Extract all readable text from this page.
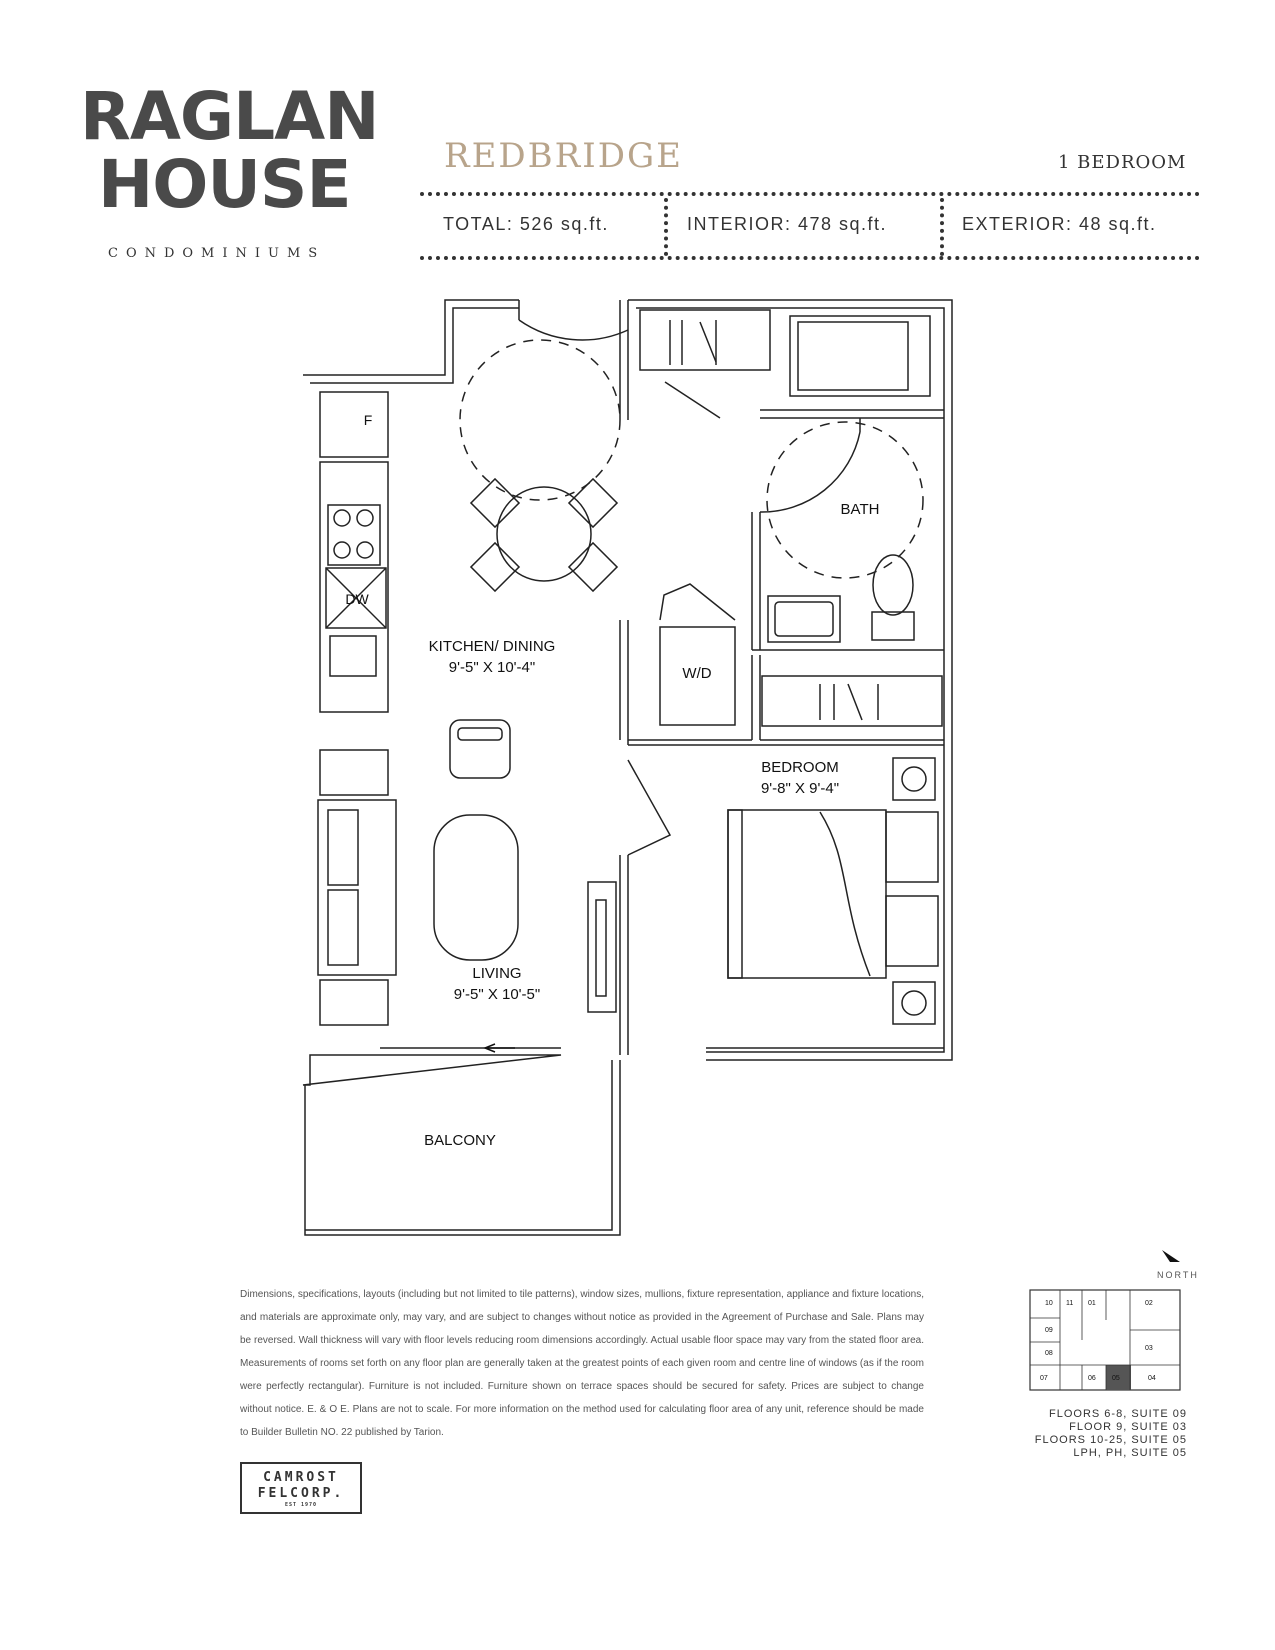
RAGLAN
HOUSE
CONDOMINIUMS
REDBRIDGE	1 BEDROOM
TOTAL: 526 sq.ft.	INTERIOR: 478 sq.ft.	EXTERIOR: 48 sq.ft.
F
DW
KITCHEN/ DINING
9'-5" X 10'-4"
LIVING
9'-5" X 10'-5"
BEDROOM
9'-8" X 9'-4"
BATH
W/D
BALCONY
10 11 01	02
09
03
08
07	06 05	04
NORTH
Dimensions, specifications, layouts (including but not limited to tile patterns), window sizes, mullions, fixture representation, appliance and fixture locations, and materials are approximate only, may vary, and are subject to changes without notice as provided in the Agreement of Purchase and Sale. Plans may be reversed. Wall thickness will vary with floor levels reducing room dimensions accordingly. Actual usable floor space may vary from the stated floor area. Measurements of rooms set forth on any floor plan are generally taken at the greatest points of each given room and centre line of windows (as if the room were perfectly rectangular). Furniture is not included. Furniture shown on terrace spaces should be secured for safety. Prices are subject to change without notice. E. & O E. Plans are not to scale. For more information on the method used for calculating floor area of any unit, reference should be made to Builder Bulletin NO. 22 published by Tarion.
FLOORS 6-8, SUITE 09
FLOOR 9, SUITE 03
FLOORS 10-25, SUITE 05
LPH, PH, SUITE 05
CAMROST
FELCORP.
EST 1970
